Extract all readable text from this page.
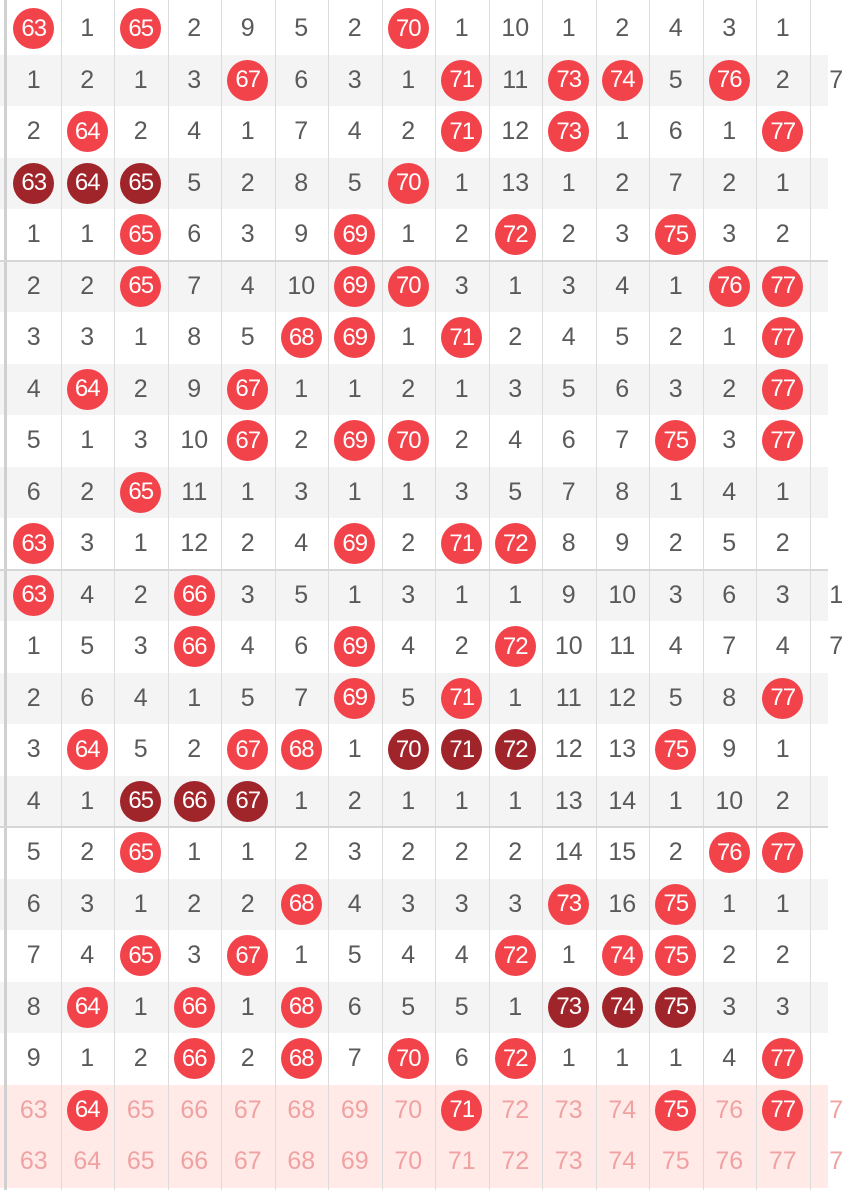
63	1	65	2 9 5 2	70	1 10 1 2 4 3 1
1 2 1 3	67	6 3 1	71	11	73	74	5	76	2 7
2	64	2 4 1 7 4 2	71	12	73	1 6 1	77
63	64	65	5 2 8 5	70	1 13 1 2 7 2 1
1 1	65	6 3 9	69	1 2	72	2 3	75	3 2
2 2	65	7 4 10	69	70	3 1 3 4 1	76	77
3 3 1 8 5	68	69	1	71	2 4 5 2 1	77
4	64	2 9	67	1 1 2 1 3 5 6 3 2	77
5 1 3 10	67	2	69	70	2 4 6 7	75	3	77
6 2	65	11 1 3 1 1 3 5 7 8 1 4 1
63	3 1 12 2 4	69	2	71	72	8 9 2 5 2
63	4 2	66	3 5 1 3 1 1 9 10 3 6 3 1
1 5 3	66	4 6	69	4 2	72	10 11 4 7 4 7
2 6 4 1 5 7	69	5	71	1 11 12 5 8	77
3	64	5 2	67	68	1	70	71	72	12 13	75	9 1
4 1	65	66	67	1 2 1 1 1 13 14 1 10 2
5 2	65	1 1 2 3 2 2 2 14 15 2	76	77
6 3 1 2 2	68	4 3 3 3	73	16	75	1 1
7 4	65	3	67	1 5 4 4	72	1	74	75	2 2
8	64	1	66	1	68	6 5 5 1	73	74	75	3 3
9 1 2	66	2	68	7	70	6	72	1 1 1 4	77
63	64	65 66 67 68 69 70	71	72 73 74	75	76	77	7
63 64 65 66 67 68 69 70 71 72 73 74 75 76 77 7
